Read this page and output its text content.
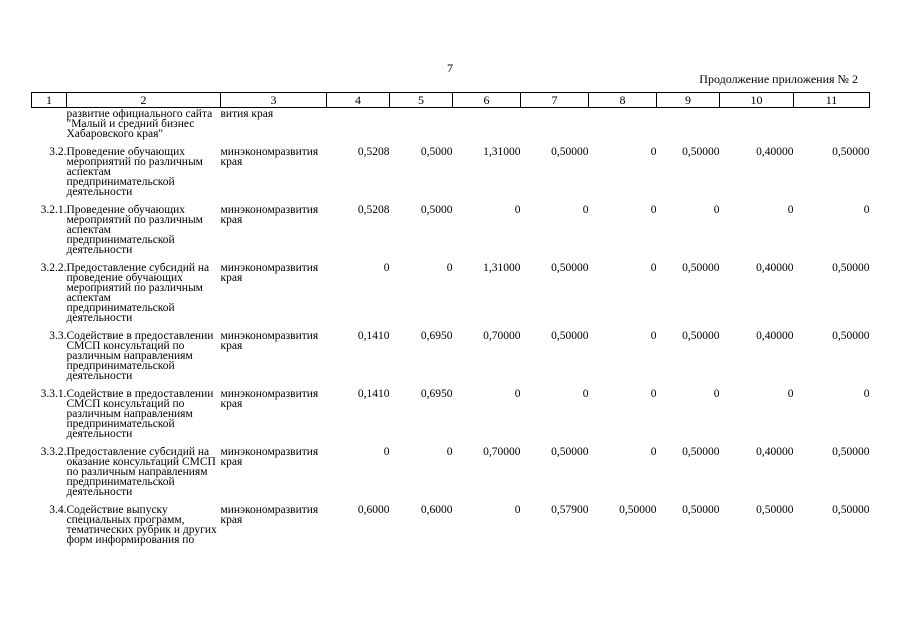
7
Продолжение приложения № 2
1	2	3	4	5	6	7	8	9	10	11
	развитие официального сайта "Малый и средний бизнес Хабаровского края"	вития края								
3.2.	Проведение обучающих мероприятий по различным аспектам предпринимательской деятельности	минэкономразвития края	0,5208	0,5000	1,31000	0,50000	0	0,50000	0,40000	0,50000
3.2.1.	Проведение обучающих мероприятий по различным аспектам предпринимательской деятельности	минэкономразвития края	0,5208	0,5000	0	0	0	0	0	0
3.2.2.	Предоставление субсидий на проведение обучающих мероприятий по различным аспектам предпринимательской деятельности	минэкономразвития края	0	0	1,31000	0,50000	0	0,50000	0,40000	0,50000
3.3.	Содействие в предоставлении СМСП консультаций по различным направлениям предпринимательской деятельности	минэкономразвития края	0,1410	0,6950	0,70000	0,50000	0	0,50000	0,40000	0,50000
3.3.1.	Содействие в предоставлении СМСП консультаций по различным направлениям предпринимательской деятельности	минэкономразвития края	0,1410	0,6950	0	0	0	0	0	0
3.3.2.	Предоставление субсидий на оказание консультаций СМСП по различным направлениям предпринимательской деятельности	минэкономразвития края	0	0	0,70000	0,50000	0	0,50000	0,40000	0,50000
3.4.	Содействие выпуску специальных программ, тематических рубрик и других форм информирования по	минэкономразвития края	0,6000	0,6000	0	0,57900	0,50000	0,50000	0,50000	0,50000
